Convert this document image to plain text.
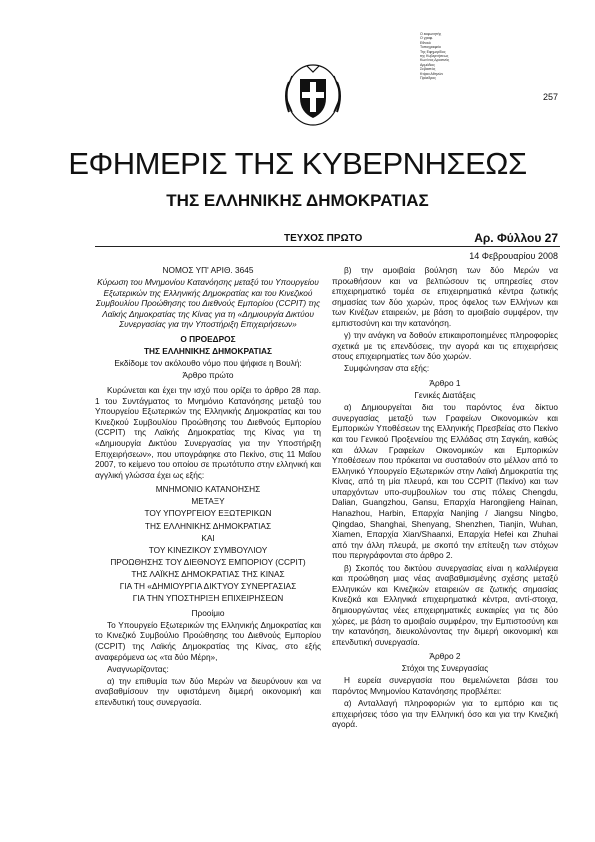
Ο εκφωνητής
Ο γραφ.
Εθνικό
Τυπογραφείο
Της Εφημερίδος
της Κυβερνήσεως
Κων/νος Δροσινός
Αρμόδιος
Σεβαστός
Κτίρια Αθηνών
Πρόεδρος
257
ΕΦΗΜΕΡΙΣ ΤΗΣ ΚΥΒΕΡΝΗΣΕΩΣ
ΤΗΣ ΕΛΛΗΝΙΚΗΣ ΔΗΜΟΚΡΑΤΙΑΣ
ΤΕΥΧΟΣ ΠΡΩΤΟ	Αρ. Φύλλου 27
14 Φεβρουαρίου 2008

ΝΟΜΟΣ ΥΠ' ΑΡΙΘ. 3645

Κύρωση του Μνημονίου Κατανόησης μεταξύ του Υπουργείου Εξωτερικών της Ελληνικής Δημοκρατίας και του Κινεζικού Συμβουλίου Προώθησης του Διεθνούς Εμπορίου (CCPIT) της Λαϊκής Δημοκρατίας της Κίνας για τη «Δημιουργία Δικτύου Συνεργασίας για την Υποστήριξη Επιχειρήσεων»

Ο ΠΡΟΕΔΡΟΣ

ΤΗΣ ΕΛΛΗΝΙΚΗΣ ΔΗΜΟΚΡΑΤΙΑΣ

Εκδίδομε τον ακόλουθο νόμο που ψήφισε η Βουλή:

Άρθρο πρώτο

Κυρώνεται και έχει την ισχύ που ορίζει το άρθρο 28 παρ. 1 του Συντάγματος το Μνημόνιο Κατανόησης μεταξύ του Υπουργείου Εξωτερικών της Ελληνικής Δημοκρατίας και του Κινεζικού Συμβουλίου Προώθησης του Διεθνούς Εμπορίου (CCPIT) της Λαϊκής Δημοκρατίας της Κίνας για τη «Δημιουργία Δικτύου Συνεργασίας για την Υποστήριξη Επιχειρήσεων», που υπογράφηκε στο Πεκίνο, στις 11 Μαΐου 2007, το κείμενο του οποίου σε πρωτότυπο στην ελληνική και αγγλική γλώσσα έχει ως εξής:

ΜΝΗΜΟΝΙΟ ΚΑΤΑΝΟΗΣΗΣ

ΜΕΤΑΞΥ

ΤΟΥ ΥΠΟΥΡΓΕΙΟΥ ΕΞΩΤΕΡΙΚΩΝ

ΤΗΣ ΕΛΛΗΝΙΚΗΣ ΔΗΜΟΚΡΑΤΙΑΣ

ΚΑΙ

ΤΟΥ ΚΙΝΕΖΙΚΟΥ ΣΥΜΒΟΥΛΙΟΥ

ΠΡΟΩΘΗΣΗΣ ΤΟΥ ΔΙΕΘΝΟΥΣ ΕΜΠΟΡΙΟΥ (CCPIT)

ΤΗΣ ΛΑΪΚΗΣ ΔΗΜΟΚΡΑΤΙΑΣ ΤΗΣ ΚΙΝΑΣ

ΓΙΑ ΤΗ «ΔΗΜΙΟΥΡΓΙΑ ΔΙΚΤΥΟΥ ΣΥΝΕΡΓΑΣΙΑΣ

ΓΙΑ ΤΗΝ ΥΠΟΣΤΗΡΙΞΗ ΕΠΙΧΕΙΡΗΣΕΩΝ

Προοίμιο

Το Υπουργείο Εξωτερικών της Ελληνικής Δημοκρατίας και το Κινεζικό Συμβούλιο Προώθησης του Διεθνούς Εμπορίου (CCPIT) της Λαϊκής Δημοκρατίας της Κίνας, στο εξής αναφερόμενα ως «τα δύο Μέρη»,

Αναγνωρίζοντας:

α) την επιθυμία των δύο Μερών να διευρύνουν και να αναβαθμίσουν την υφιστάμενη διμερή οικονομική και επενδυτική τους συνεργασία.

β) την αμοιβαία βούληση των δύο Μερών να προωθήσουν και να βελτιώσουν τις υπηρεσίες στον επιχειρηματικό τομέα σε επιχειρηματικά κέντρα ζωτικής σημασίας των δύο χωρών, προς όφελος των Ελλήνων και των Κινέζων εταιρειών, με βάση το αμοιβαίο συμφέρον, την εμπιστοσύνη και την κατανόηση.

γ) την ανάγκη να δοθούν επικαιροποιημένες πληροφορίες σχετικά με τις επενδύσεις, την αγορά και τις επιχειρήσεις στους επιχειρηματίες των δύο χωρών.

Συμφώνησαν στα εξής:

Άρθρο 1

Γενικές Διατάξεις

α) Δημιουργείται δια του παρόντος ένα δίκτυο συνεργασίας μεταξύ των Γραφείων Οικονομικών και Εμπορικών Υποθέσεων της Ελληνικής Πρεσβείας στο Πεκίνο και του Γενικού Προξενείου της Ελλάδας στη Σαγκάη, καθώς και άλλων Γραφείων Οικονομικών και Εμπορικών Υποθέσεων που πρόκειται να συσταθούν στο μέλλον από το Ελληνικό Υπουργείο Εξωτερικών στην Λαϊκή Δημοκρατία της Κίνας, από τη μία πλευρά, και του CCPIT (Πεκίνο) και των υπαρχόντων υπο-συμβουλίων του στις πόλεις Chengdu, Dalian, Guangzhou, Gansu, Επαρχία Harongjieng Hainan, Hanazhou, Harbin, Επαρχία Nanjing / Jiangsu Ningbo, Qingdao, Shanghai, Shenyang, Shenzhen, Tianjin, Wuhan, Xiamen, Επαρχία Xian/Shaanxi, Επαρχία Hefei και Zhuhai από την άλλη πλευρά, με σκοπό την επίτευξη των στόχων που περιγράφονται στο άρθρο 2.

β) Σκοπός του δικτύου συνεργασίας είναι η καλλιέργεια και προώθηση μιας νέας αναβαθμισμένης σχέσης μεταξύ Ελληνικών και Κινεζικών εταιρειών σε ζωτικής σημασίας Κινεζικά και Ελληνικά επιχειρηματικά κέντρα, αντί-στοιχα, δημιουργώντας νέες επιχειρηματικές ευκαιρίες για τις δύο χώρες, με βάση το αμοιβαίο συμφέρον, την Εμπιστοσύνη και την κατανόηση, διευκολύνοντας την διμερή οικονομική και επενδυτική συνεργασία.

Άρθρο 2

Στόχοι της Συνεργασίας

Η ευρεία συνεργασία που θεμελιώνεται βάσει του παρόντος Μνημονίου Κατανόησης προβλέπει:

α) Ανταλλαγή πληροφοριών για το εμπόριο και τις επιχειρήσεις τόσο για την Ελληνική όσο και για την Κινεζική αγορά.
